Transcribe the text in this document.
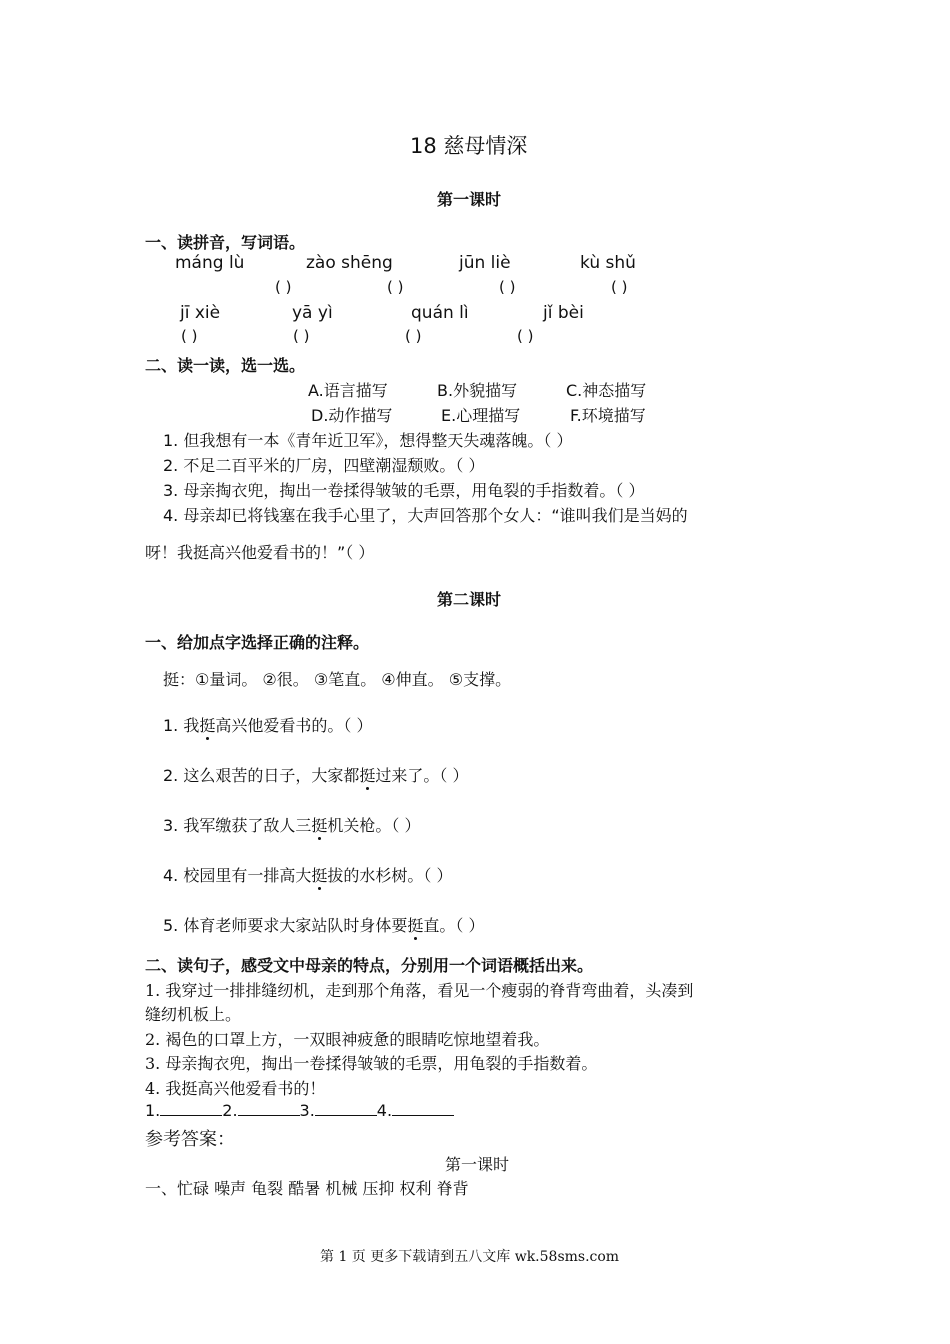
18 慈母情深
第一课时
一、读拼音，写词语。
máng lù	zào shēng	jūn liè	kù shǔ
( )	( )	( )	( )
jī xiè	yā yì	quán lì	jǐ bèi
( )	( )	( )	( )
二、读一读，选一选。
A.语言描写	B.外貌描写	C.神态描写
D.动作描写	E.心理描写	F.环境描写
1. 但我想有一本《青年近卫军》，想得整天失魂落魄。（ ）
2. 不足二百平米的厂房，四壁潮湿颓败。（ ）
3. 母亲掏衣兜，掏出一卷揉得皱皱的毛票，用龟裂的手指数着。（ ）
4. 母亲却已将钱塞在我手心里了，大声回答那个女人：“谁叫我们是当妈的
呀！我挺高兴他爱看书的！”（ ）
第二课时
一、给加点字选择正确的注释。
挺：①量词。 ②很。 ③笔直。 ④伸直。 ⑤支撑。
1. 我挺高兴他爱看书的。（ ）
2. 这么艰苦的日子，大家都挺过来了。（ ）
3. 我军缴获了敌人三挺机关枪。（ ）
4. 校园里有一排高大挺拔的水杉树。（ ）
5. 体育老师要求大家站队时身体要挺直。（ ）
二、读句子，感受文中母亲的特点，分别用一个词语概括出来。
1. 我穿过一排排缝纫机，走到那个角落，看见一个瘦弱的脊背弯曲着，头凑到
缝纫机板上。
2. 褐色的口罩上方，一双眼神疲惫的眼睛吃惊地望着我。
3. 母亲掏衣兜，掏出一卷揉得皱皱的毛票，用龟裂的手指数着。
4. 我挺高兴他爱看书的！
1.	2.	3.	4.
参考答案：
第一课时
一、忙碌 噪声 龟裂 酷暑 机械 压抑 权利 脊背
第 1 页 更多下载请到五八文库 wk.58sms.com
